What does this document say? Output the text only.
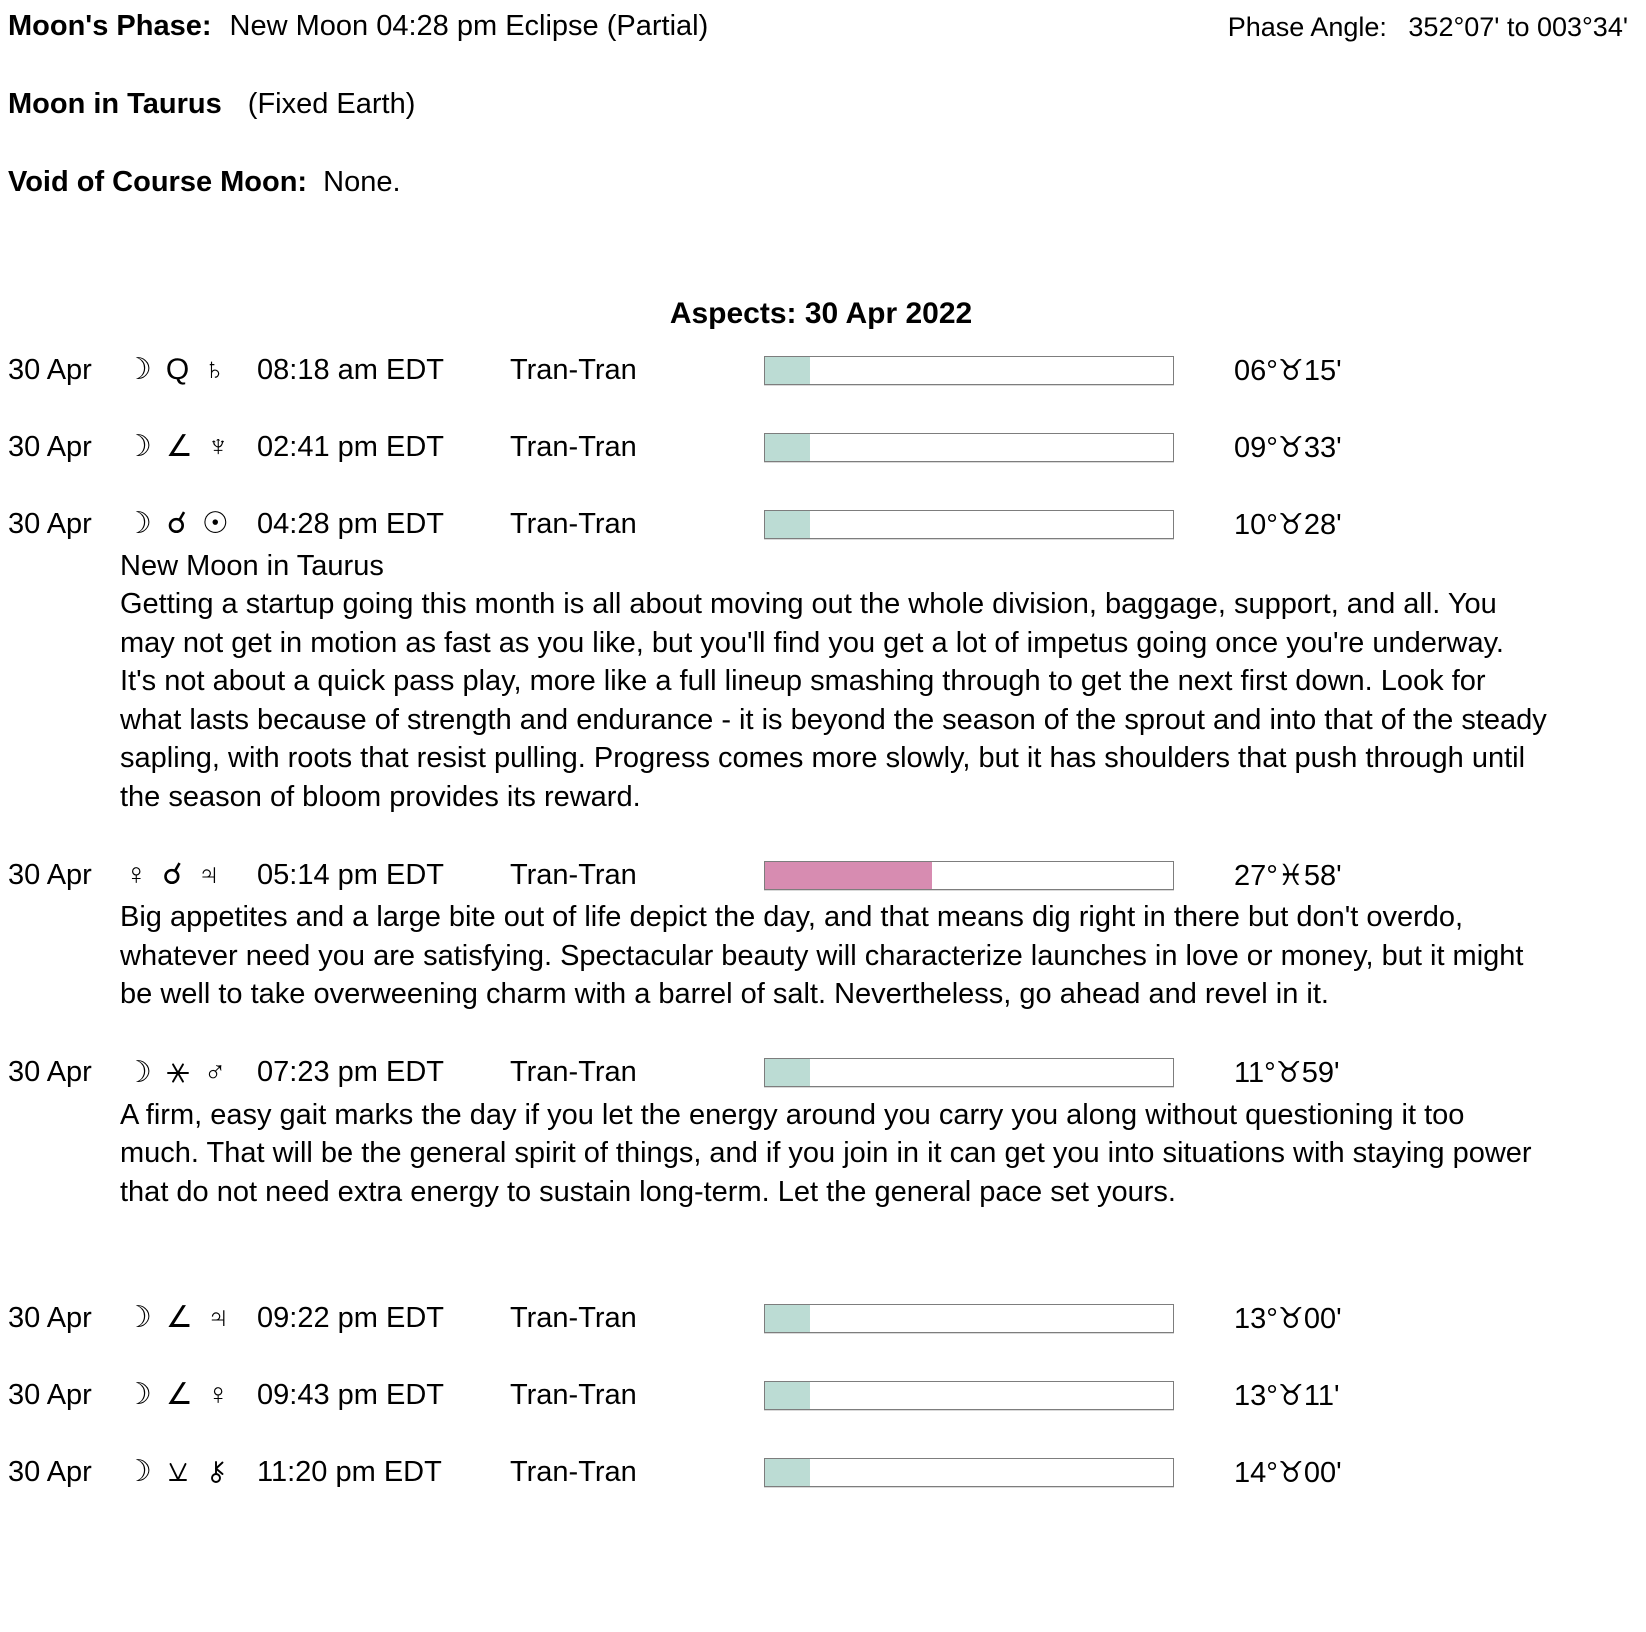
Moon's Phase: New Moon 04:28 pm Eclipse (Partial)	Phase Angle: 352°07' to 003°34'
Moon in Taurus (Fixed Earth)
Void of Course Moon: None.
Aspects: 30 Apr 2022
30 Apr	☽ Q ♄ 08:18 am EDT	Tran-Tran	06°♉15'
30 Apr	☽ ∠ ♆ 02:41 pm EDT	Tran-Tran	09°♉33'
30 Apr	☽ ☌ ☉ 04:28 pm EDT	Tran-Tran	10°♉28'
New Moon in Taurus
Getting a startup going this month is all about moving out the whole division, baggage, support, and all. You may not get in motion as fast as you like, but you'll find you get a lot of impetus going once you're underway. It's not about a quick pass play, more like a full lineup smashing through to get the next first down. Look for what lasts because of strength and endurance - it is beyond the season of the sprout and into that of the steady sapling, with roots that resist pulling. Progress comes more slowly, but it has shoulders that push through until the season of bloom provides its reward.
30 Apr	♀ ☌ ♃ 05:14 pm EDT	Tran-Tran	27°♓58'
Big appetites and a large bite out of life depict the day, and that means dig right in there but don't overdo, whatever need you are satisfying. Spectacular beauty will characterize launches in love or money, but it might be well to take overweening charm with a barrel of salt. Nevertheless, go ahead and revel in it.
30 Apr	☽ ♂ 07:23 pm EDT	Tran-Tran	11°♉59'
A firm, easy gait marks the day if you let the energy around you carry you along without questioning it too much. That will be the general spirit of things, and if you join in it can get you into situations with staying power that do not need extra energy to sustain long-term. Let the general pace set yours.
30 Apr	☽ ∠ ♃ 09:22 pm EDT	Tran-Tran	13°♉00'
30 Apr	☽ ∠ ♀ 09:43 pm EDT	Tran-Tran	13°♉11'
30 Apr	☽	11:20 pm EDT	Tran-Tran	14°♉00'
